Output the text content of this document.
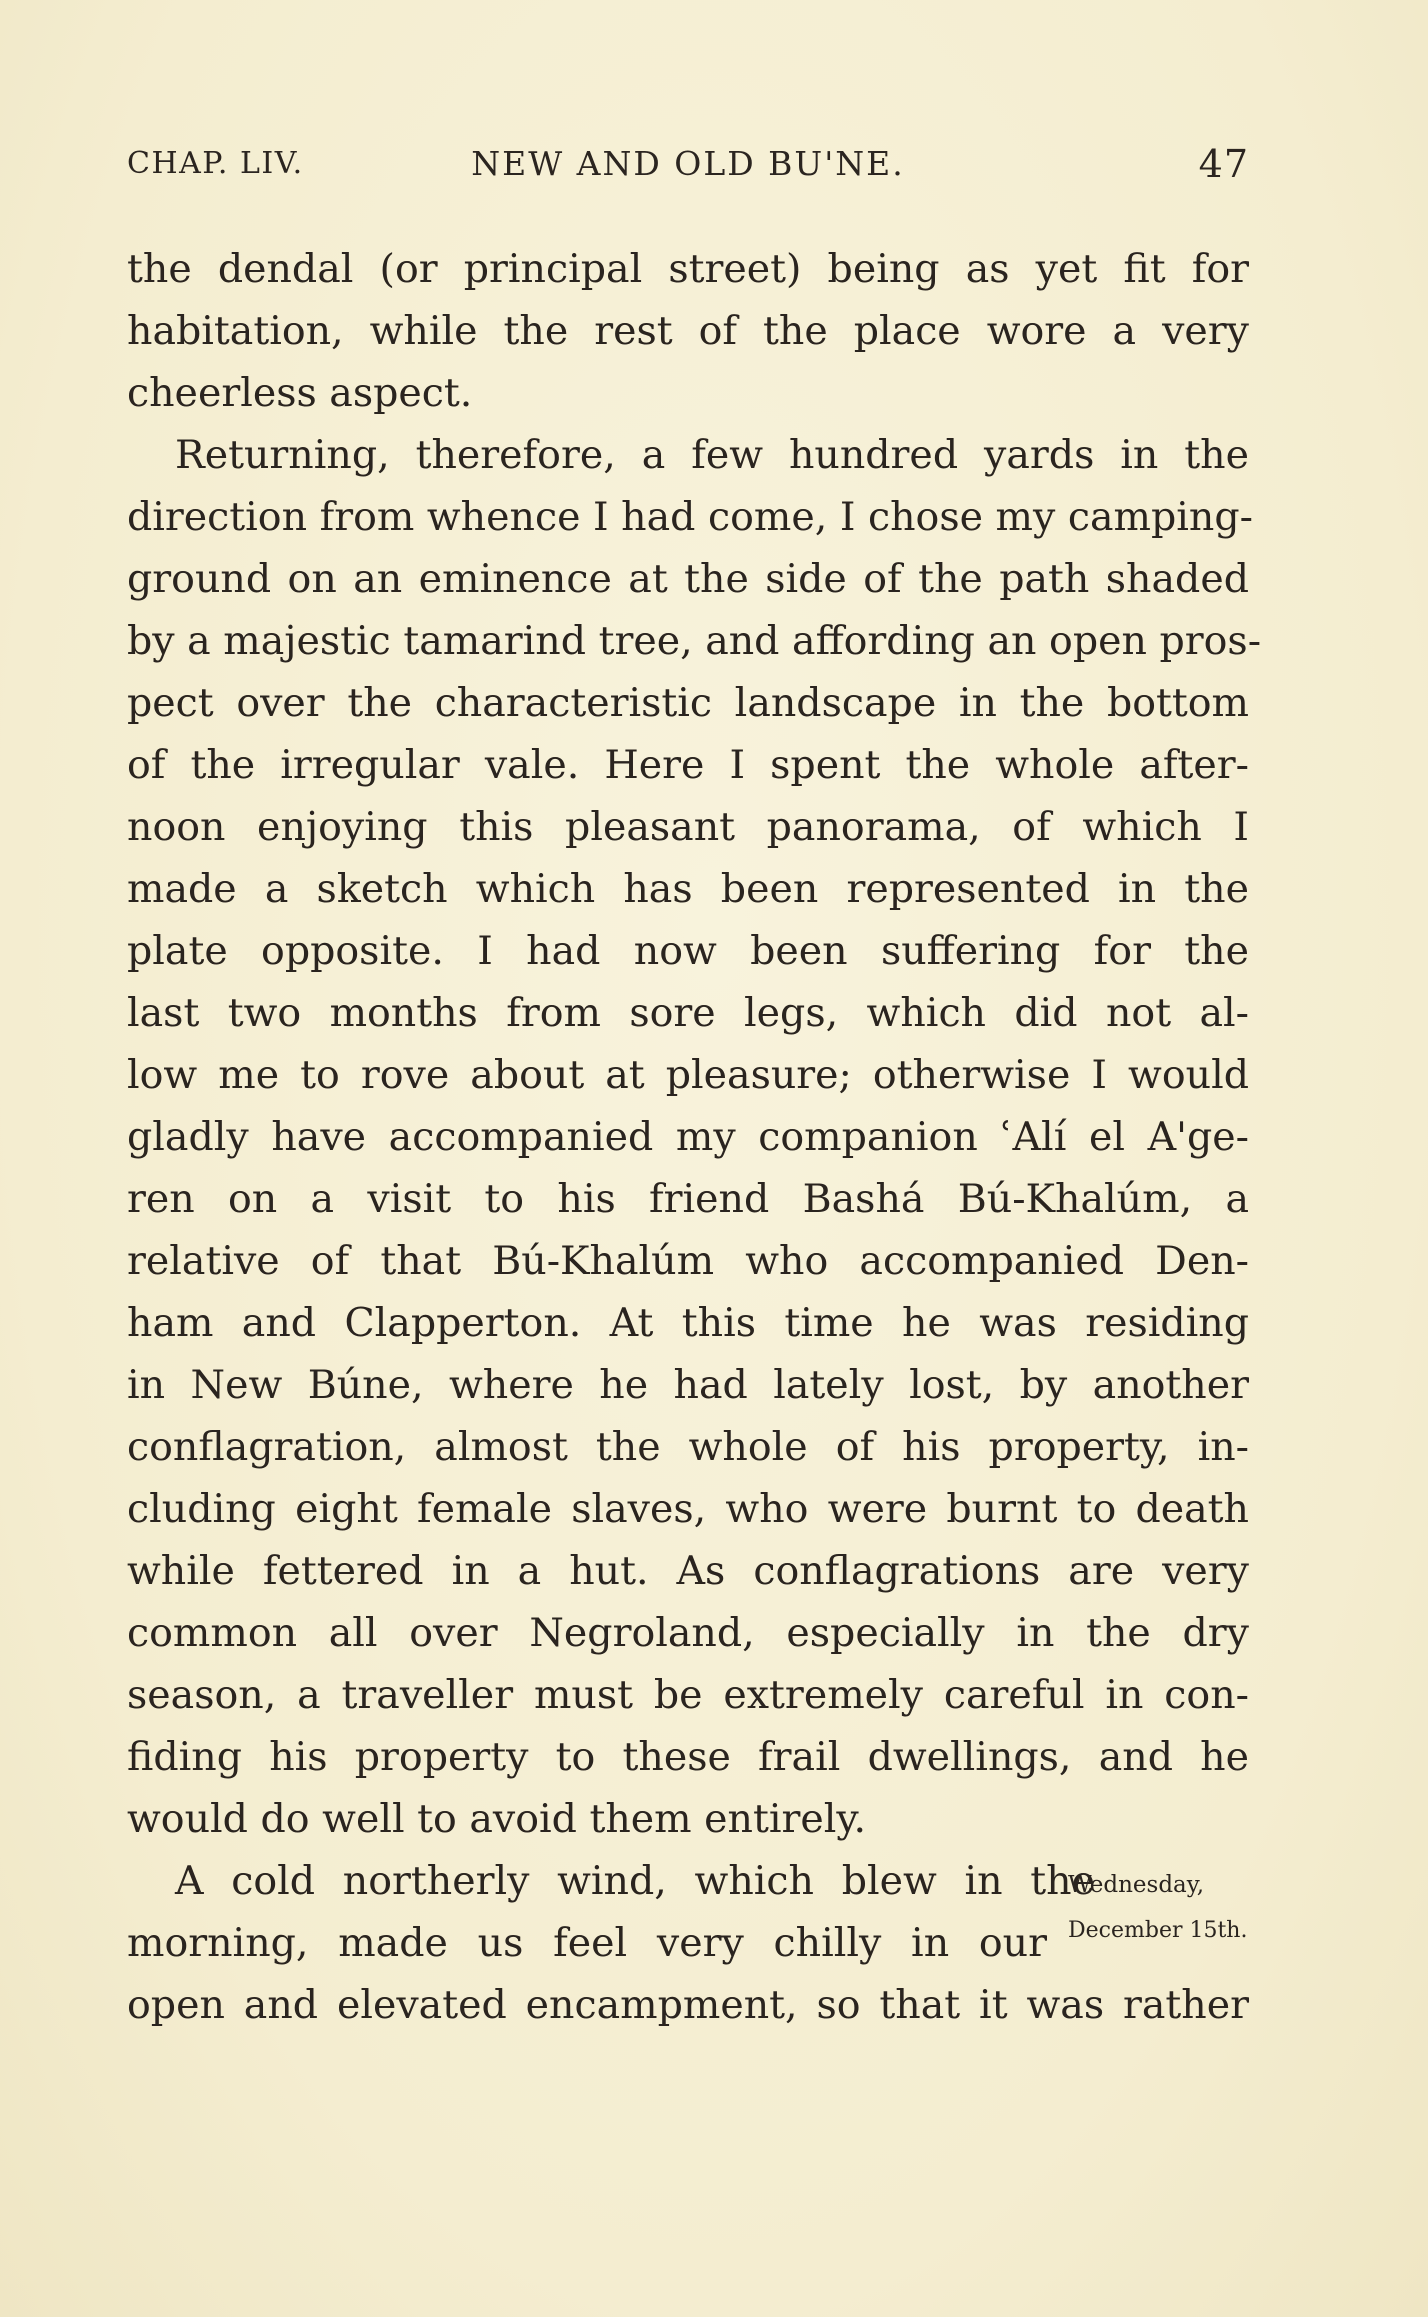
CHAP. LIV.	NEW AND OLD BU'NE.	47
the dendal (or principal street) being as yet fit for
habitation, while the rest of the place wore a very
cheerless aspect.
Returning, therefore, a few hundred yards in the
direction from whence I had come, I chose my camping-
ground on an eminence at the side of the path shaded
by a majestic tamarind tree, and affording an open pros-
pect over the characteristic landscape in the bottom
of the irregular vale. Here I spent the whole after-
noon enjoying this pleasant panorama, of which I
made a sketch which has been represented in the
plate opposite. I had now been suffering for the
last two months from sore legs, which did not al-
low me to rove about at pleasure; otherwise I would
gladly have accompanied my companion ʿAlí el A'ge-
ren on a visit to his friend Bashá Bú-Khalúm, a
relative of that Bú-Khalúm who accompanied Den-
ham and Clapperton. At this time he was residing
in New Búne, where he had lately lost, by another
conflagration, almost the whole of his property, in-
cluding eight female slaves, who were burnt to death
while fettered in a hut. As conflagrations are very
common all over Negroland, especially in the dry
season, a traveller must be extremely careful in con-
fiding his property to these frail dwellings, and he
would do well to avoid them entirely.
A cold northerly wind, which blew in the
morning, made us feel very chilly in our
open and elevated encampment, so that it was rather
Wednesday,
December 15th.
